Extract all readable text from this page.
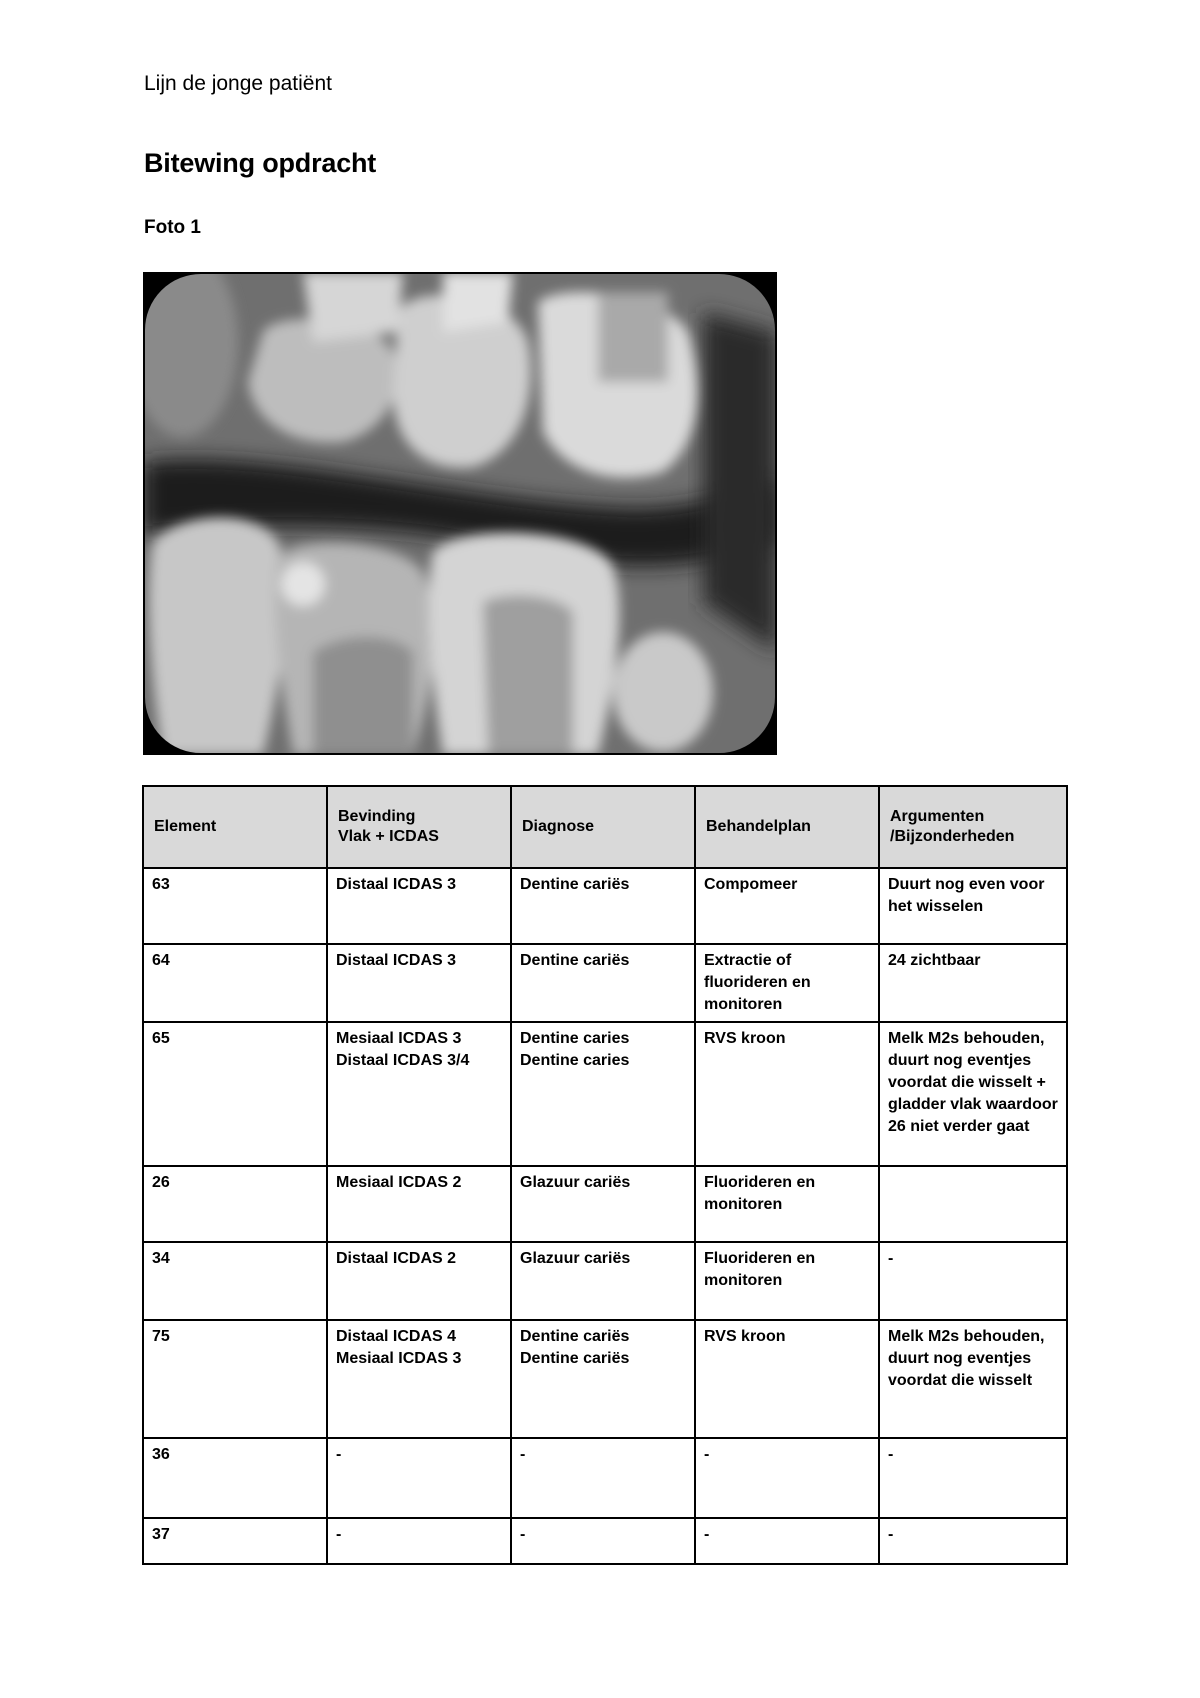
Lijn de jonge patiënt
Bitewing opdracht
Foto 1
Element	Bevinding
Vlak + ICDAS	Diagnose	Behandelplan	Argumenten
/Bijzonderheden

63	Distaal ICDAS 3	Dentine cariës	Compomeer	Duurt nog even voor
het wisselen

64	Distaal ICDAS 3	Dentine cariës	Extractie of
fluorideren en
monitoren	24 zichtbaar

65	Mesiaal ICDAS 3
Distaal ICDAS 3/4	Dentine caries
Dentine caries	RVS kroon	Melk M2s behouden,
duurt nog eventjes
voordat die wisselt +
gladder vlak waardoor
26 niet verder gaat

26	Mesiaal ICDAS 2	Glazuur cariës	Fluorideren en
monitoren	

34	Distaal ICDAS 2	Glazuur cariës	Fluorideren en
monitoren	-

75	Distaal ICDAS 4
Mesiaal ICDAS 3	Dentine cariës
Dentine cariës	RVS kroon	Melk M2s behouden,
duurt nog eventjes
voordat die wisselt

36	-	-	-	-

37	-	-	-	-
